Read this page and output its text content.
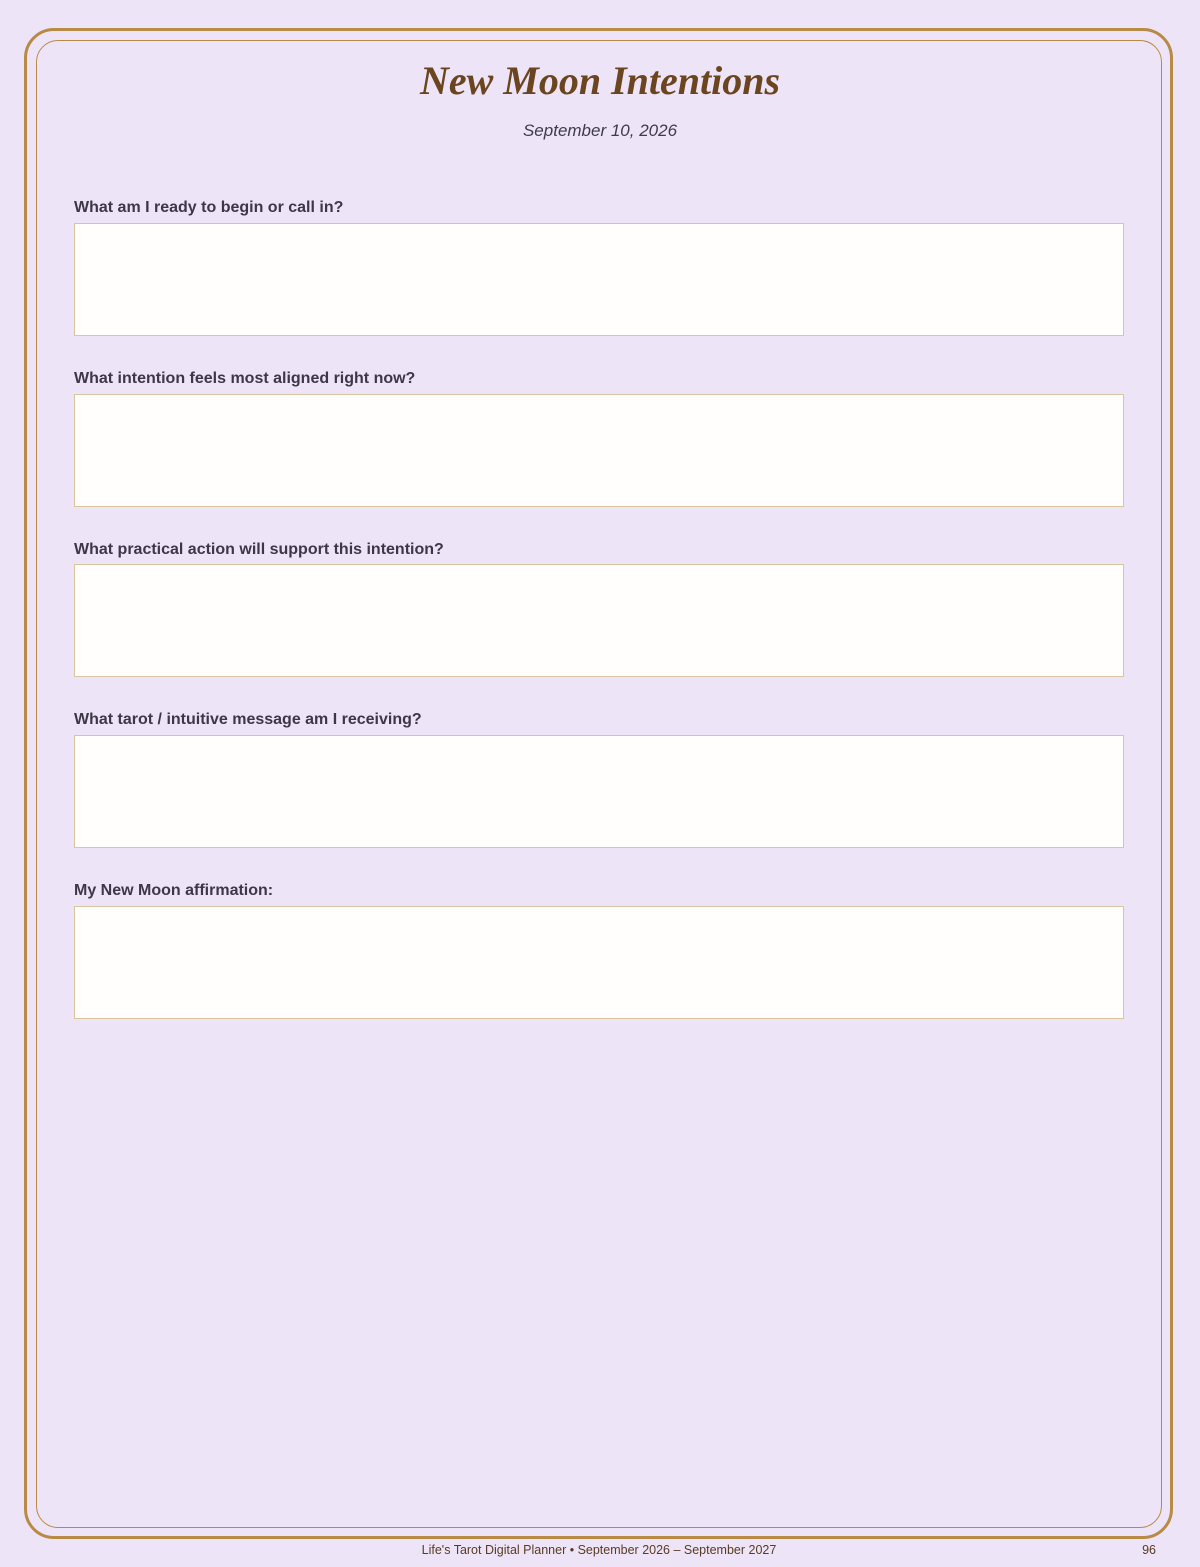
New Moon Intentions
September 10, 2026
What am I ready to begin or call in?
What intention feels most aligned right now?
What practical action will support this intention?
What tarot / intuitive message am I receiving?
My New Moon affirmation:
Life's Tarot Digital Planner • September 2026 – September 2027	96
